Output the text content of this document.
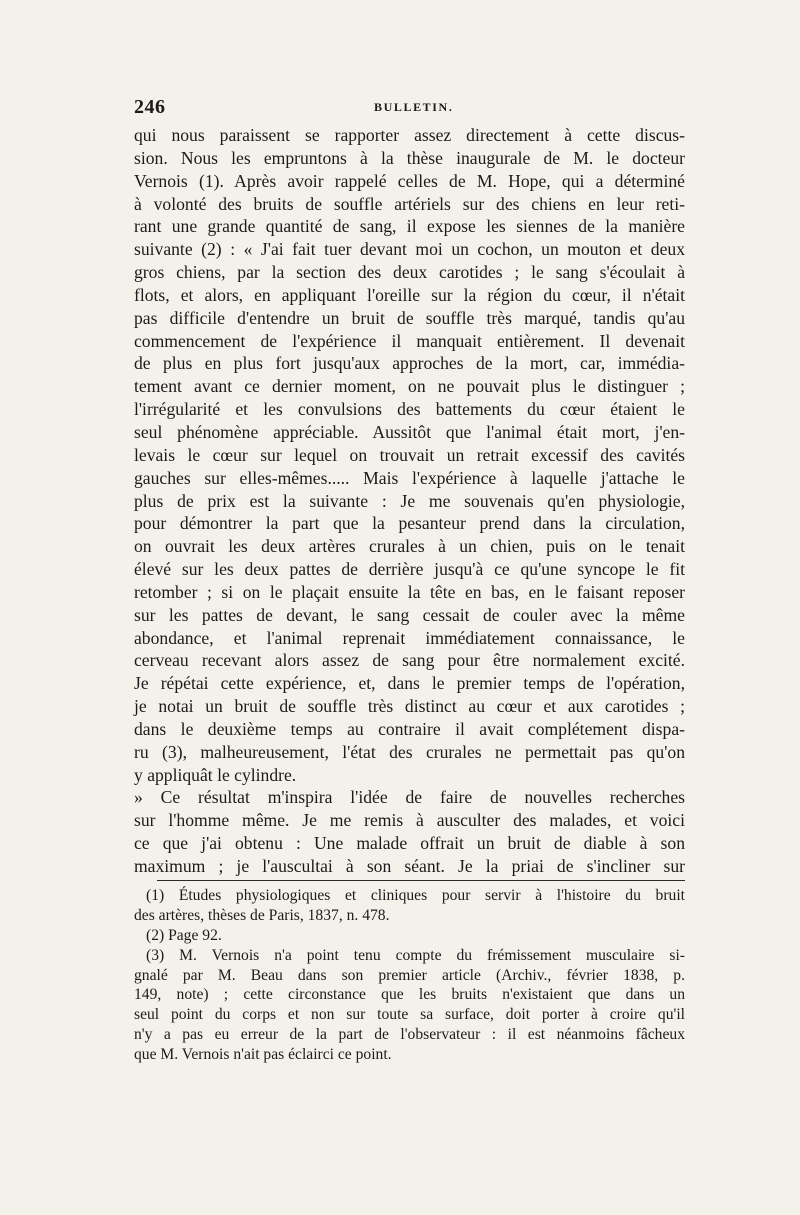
246	BULLETIN.
qui nous paraissent se rapporter assez directement à cette discus-
sion. Nous les empruntons à la thèse inaugurale de M. le docteur
Vernois (1). Après avoir rappelé celles de M. Hope, qui a déterminé
à volonté des bruits de souffle artériels sur des chiens en leur reti-
rant une grande quantité de sang, il expose les siennes de la manière
suivante (2) : « J'ai fait tuer devant moi un cochon, un mouton et deux
gros chiens, par la section des deux carotides ; le sang s'écoulait à
flots, et alors, en appliquant l'oreille sur la région du cœur, il n'était
pas difficile d'entendre un bruit de souffle très marqué, tandis qu'au
commencement de l'expérience il manquait entièrement. Il devenait
de plus en plus fort jusqu'aux approches de la mort, car, immédia-
tement avant ce dernier moment, on ne pouvait plus le distinguer ;
l'irrégularité et les convulsions des battements du cœur étaient le
seul phénomène appréciable. Aussitôt que l'animal était mort, j'en-
levais le cœur sur lequel on trouvait un retrait excessif des cavités
gauches sur elles-mêmes..... Mais l'expérience à laquelle j'attache le
plus de prix est la suivante : Je me souvenais qu'en physiologie,
pour démontrer la part que la pesanteur prend dans la circulation,
on ouvrait les deux artères crurales à un chien, puis on le tenait
élevé sur les deux pattes de derrière jusqu'à ce qu'une syncope le fit
retomber ; si on le plaçait ensuite la tête en bas, en le faisant reposer
sur les pattes de devant, le sang cessait de couler avec la même
abondance, et l'animal reprenait immédiatement connaissance, le
cerveau recevant alors assez de sang pour être normalement excité.
Je répétai cette expérience, et, dans le premier temps de l'opération,
je notai un bruit de souffle très distinct au cœur et aux carotides ;
dans le deuxième temps au contraire il avait complétement dispa-
ru (3), malheureusement, l'état des crurales ne permettait pas qu'on
y appliquât le cylindre.
» Ce résultat m'inspira l'idée de faire de nouvelles recherches
sur l'homme même. Je me remis à ausculter des malades, et voici
ce que j'ai obtenu : Une malade offrait un bruit de diable à son
maximum ; je l'auscultai à son séant. Je la priai de s'incliner sur
(1) Études physiologiques et cliniques pour servir à l'histoire du bruit
des artères, thèses de Paris, 1837, n. 478.
(2) Page 92.
(3) M. Vernois n'a point tenu compte du frémissement musculaire si-
gnalé par M. Beau dans son premier article (Archiv., février 1838, p.
149, note) ; cette circonstance que les bruits n'existaient que dans un
seul point du corps et non sur toute sa surface, doit porter à croire qu'il
n'y a pas eu erreur de la part de l'observateur : il est néanmoins fâcheux
que M. Vernois n'ait pas éclairci ce point.
